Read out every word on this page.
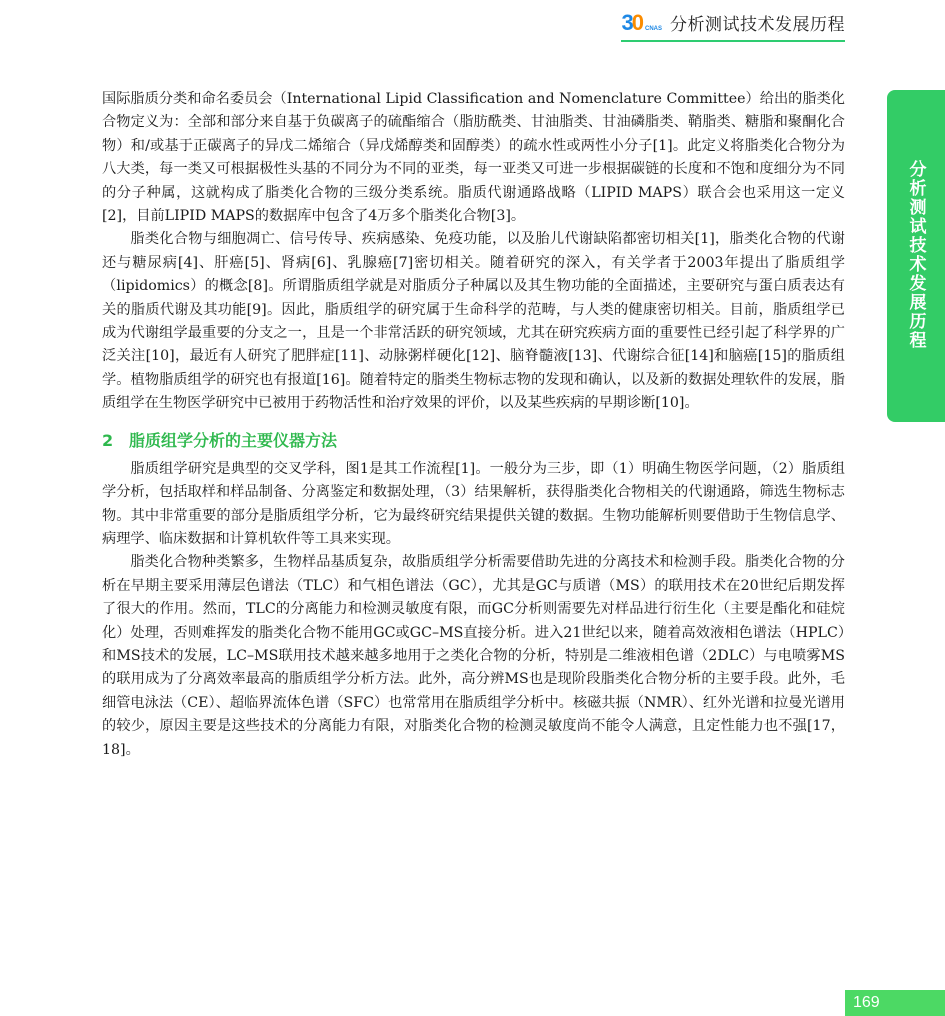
3
0 CNAS 分析测试技术发展历程
分析测试技术发展历程

国际脂质分类和命名委员会（International Lipid Classification and Nomenclature Committee）给出的脂类化合物定义为：全部和部分来自基于负碳离子的硫酯缩合（脂肪酰类、甘油脂类、甘油磷脂类、鞘脂类、糖脂和聚酮化合物）和/或基于正碳离子的异戊二烯缩合（异戊烯醇类和固醇类）的疏水性或两性小分子[1]。此定义将脂类化合物分为八大类，每一类又可根据极性头基的不同分为不同的亚类，每一亚类又可进一步根据碳链的长度和不饱和度细分为不同的分子种属，这就构成了脂类化合物的三级分类系统。脂质代谢通路战略（LIPID MAPS）联合会也采用这一定义[2]，目前LIPID MAPS的数据库中包含了4万多个脂类化合物[3]。

脂类化合物与细胞凋亡、信号传导、疾病感染、免疫功能，以及胎儿代谢缺陷都密切相关[1]，脂类化合物的代谢还与糖尿病[4]、肝癌[5]、肾病[6]、乳腺癌[7]密切相关。随着研究的深入，有关学者于2003年提出了脂质组学（lipidomics）的概念[8]。所谓脂质组学就是对脂质分子种属以及其生物功能的全面描述，主要研究与蛋白质表达有关的脂质代谢及其功能[9]。因此，脂质组学的研究属于生命科学的范畴，与人类的健康密切相关。目前，脂质组学已成为代谢组学最重要的分支之一，且是一个非常活跃的研究领域，尤其在研究疾病方面的重要性已经引起了科学界的广泛关注[10]，最近有人研究了肥胖症[11]、动脉粥样硬化[12]、脑脊髓液[13]、代谢综合征[14]和脑癌[15]的脂质组学。植物脂质组学的研究也有报道[16]。随着特定的脂类生物标志物的发现和确认，以及新的数据处理软件的发展，脂质组学在生物医学研究中已被用于药物活性和治疗效果的评价，以及某些疾病的早期诊断[10]。

2 脂质组学分析的主要仪器方法

脂质组学研究是典型的交叉学科，图1是其工作流程[1]。一般分为三步，即（1）明确生物医学问题，（2）脂质组学分析，包括取样和样品制备、分离鉴定和数据处理，（3）结果解析，获得脂类化合物相关的代谢通路，筛选生物标志物。其中非常重要的部分是脂质组学分析，它为最终研究结果提供关键的数据。生物功能解析则要借助于生物信息学、病理学、临床数据和计算机软件等工具来实现。

脂类化合物种类繁多，生物样品基质复杂，故脂质组学分析需要借助先进的分离技术和检测手段。脂类化合物的分析在早期主要采用薄层色谱法（TLC）和气相色谱法（GC），尤其是GC与质谱（MS）的联用技术在20世纪后期发挥了很大的作用。然而，TLC的分离能力和检测灵敏度有限，而GC分析则需要先对样品进行衍生化（主要是酯化和硅烷化）处理，否则难挥发的脂类化合物不能用GC或GC–MS直接分析。进入21世纪以来，随着高效液相色谱法（HPLC）和MS技术的发展，LC–MS联用技术越来越多地用于之类化合物的分析，特别是二维液相色谱（2DLC）与电喷雾MS的联用成为了分离效率最高的脂质组学分析方法。此外，高分辨MS也是现阶段脂类化合物分析的主要手段。此外，毛细管电泳法（CE）、超临界流体色谱（SFC）也常常用在脂质组学分析中。核磁共振（NMR）、红外光谱和拉曼光谱用的较少，原因主要是这些技术的分离能力有限，对脂类化合物的检测灵敏度尚不能令人满意，且定性能力也不强[17，18]。

169
